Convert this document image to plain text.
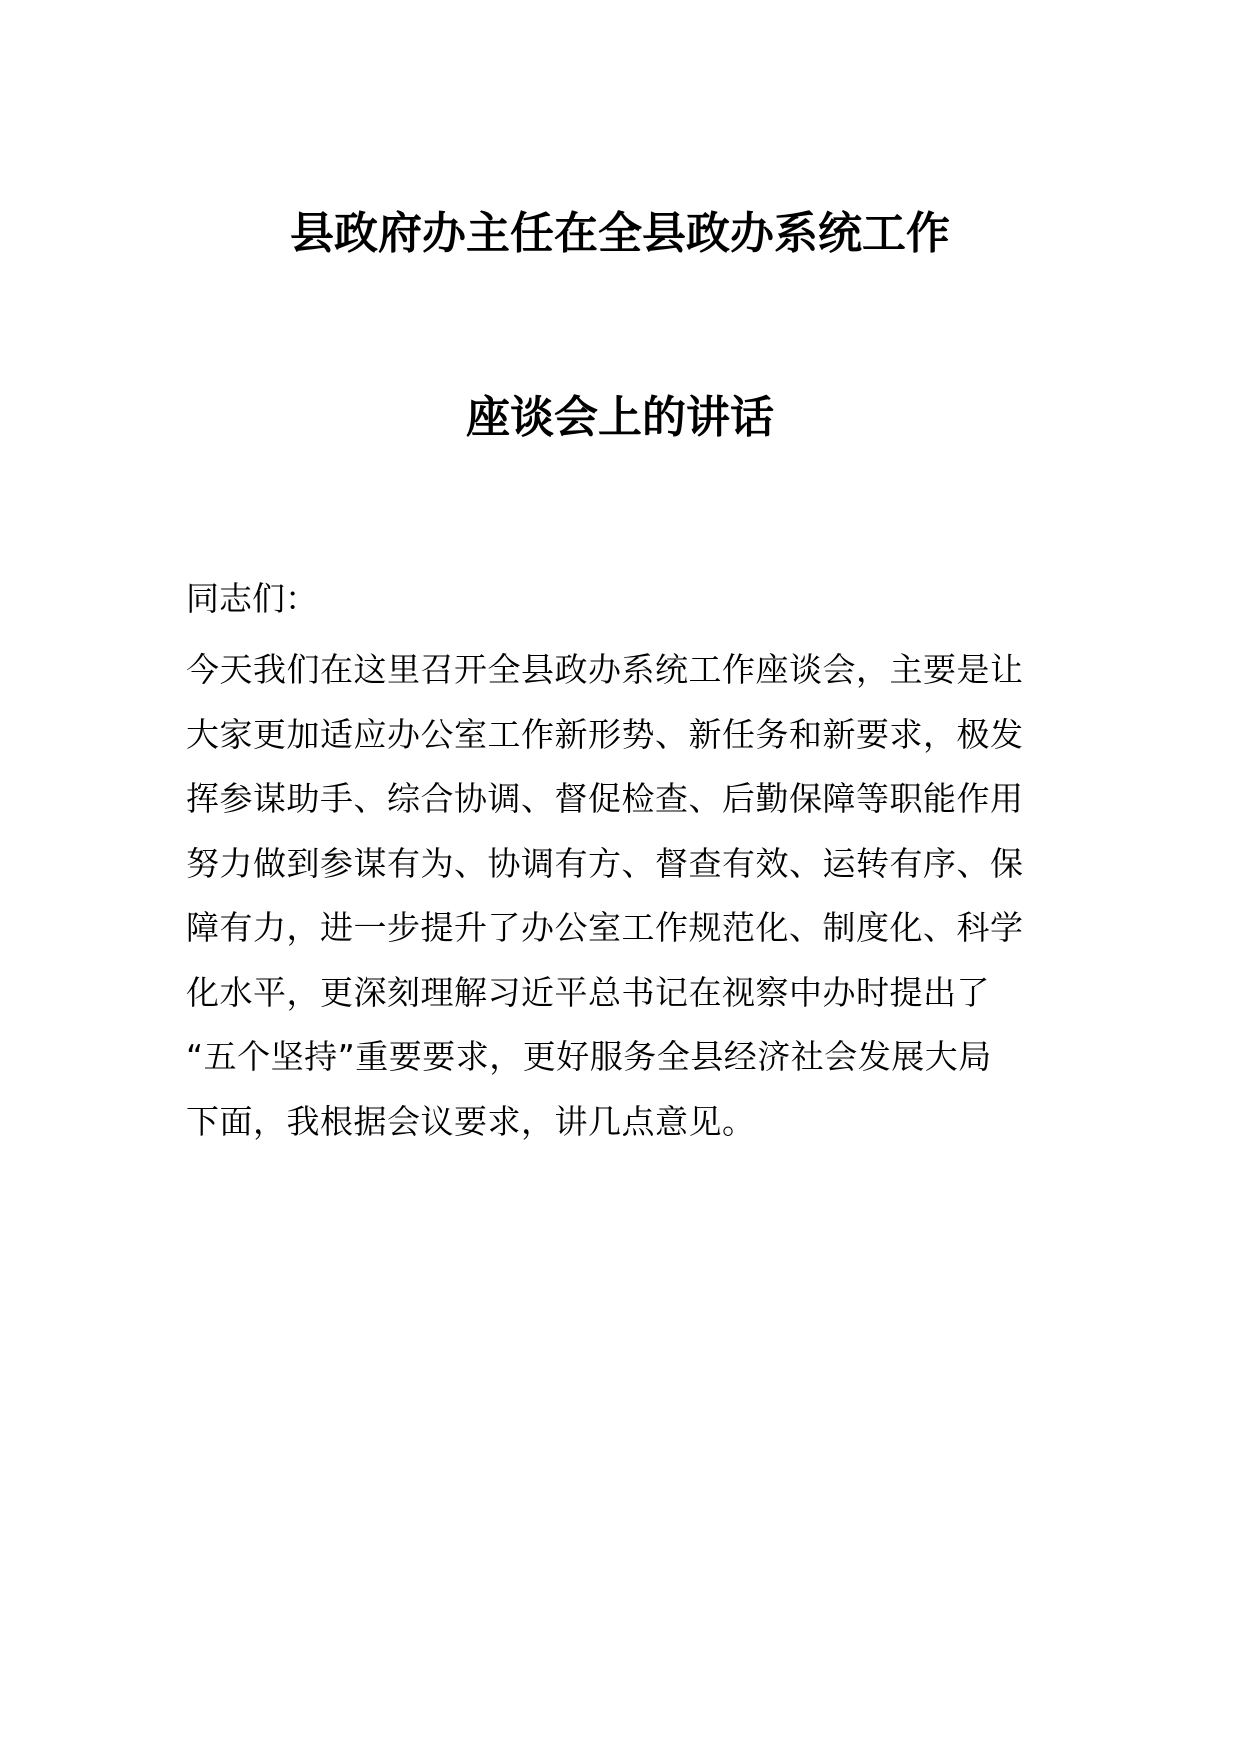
县政府办主任在全县政办系统工作
座谈会上的讲话

同志们：

今天我们在这里召开全县政办系统工作座谈会，主要是让
大家更加适应办公室工作新形势、新任务和新要求，极发
挥参谋助手、综合协调、督促检查、后勤保障等职能作用
努力做到参谋有为、协调有方、督查有效、运转有序、保
障有力，进一步提升了办公室工作规范化、制度化、科学
化水平，更深刻理解习近平总书记在视察中办时提出了
“五个坚持”重要要求，更好服务全县经济社会发展大局
下面，我根据会议要求，讲几点意见。
